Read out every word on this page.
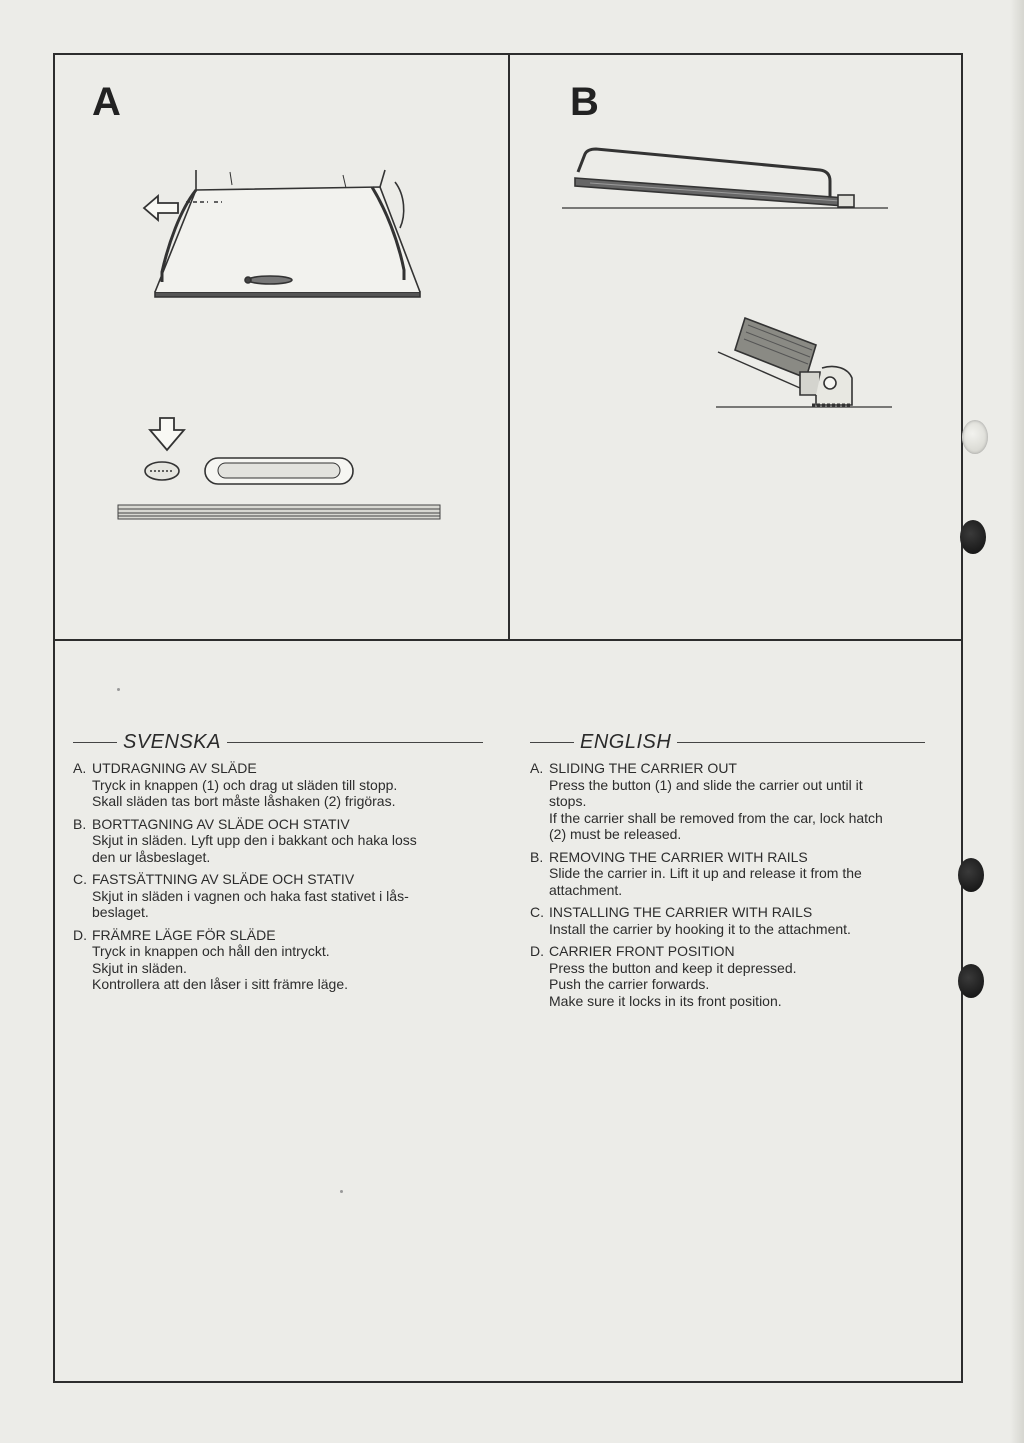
A	B
SVENSKA
A. UTDRAGNING AV SLÄDE

Tryck in knappen (1) och drag ut släden till stopp.

Skall släden tas bort måste låshaken (2) frigöras.

B. BORTTAGNING AV SLÄDE OCH STATIV

Skjut in släden. Lyft upp den i bakkant och haka loss

den ur låsbeslaget.

C. FASTSÄTTNING AV SLÄDE OCH STATIV

Skjut in släden i vagnen och haka fast stativet i lås-

beslaget.

D. FRÄMRE LÄGE FÖR SLÄDE

Tryck in knappen och håll den intryckt.

Skjut in släden.

Kontrollera att den låser i sitt främre läge.

ENGLISH
A. SLIDING THE CARRIER OUT

Press the button (1) and slide the carrier out until it

stops.

If the carrier shall be removed from the car, lock hatch

(2) must be released.

B. REMOVING THE CARRIER WITH RAILS

Slide the carrier in. Lift it up and release it from the

attachment.

C. INSTALLING THE CARRIER WITH RAILS

Install the carrier by hooking it to the attachment.

D. CARRIER FRONT POSITION

Press the button and keep it depressed.

Push the carrier forwards.

Make sure it locks in its front position.
